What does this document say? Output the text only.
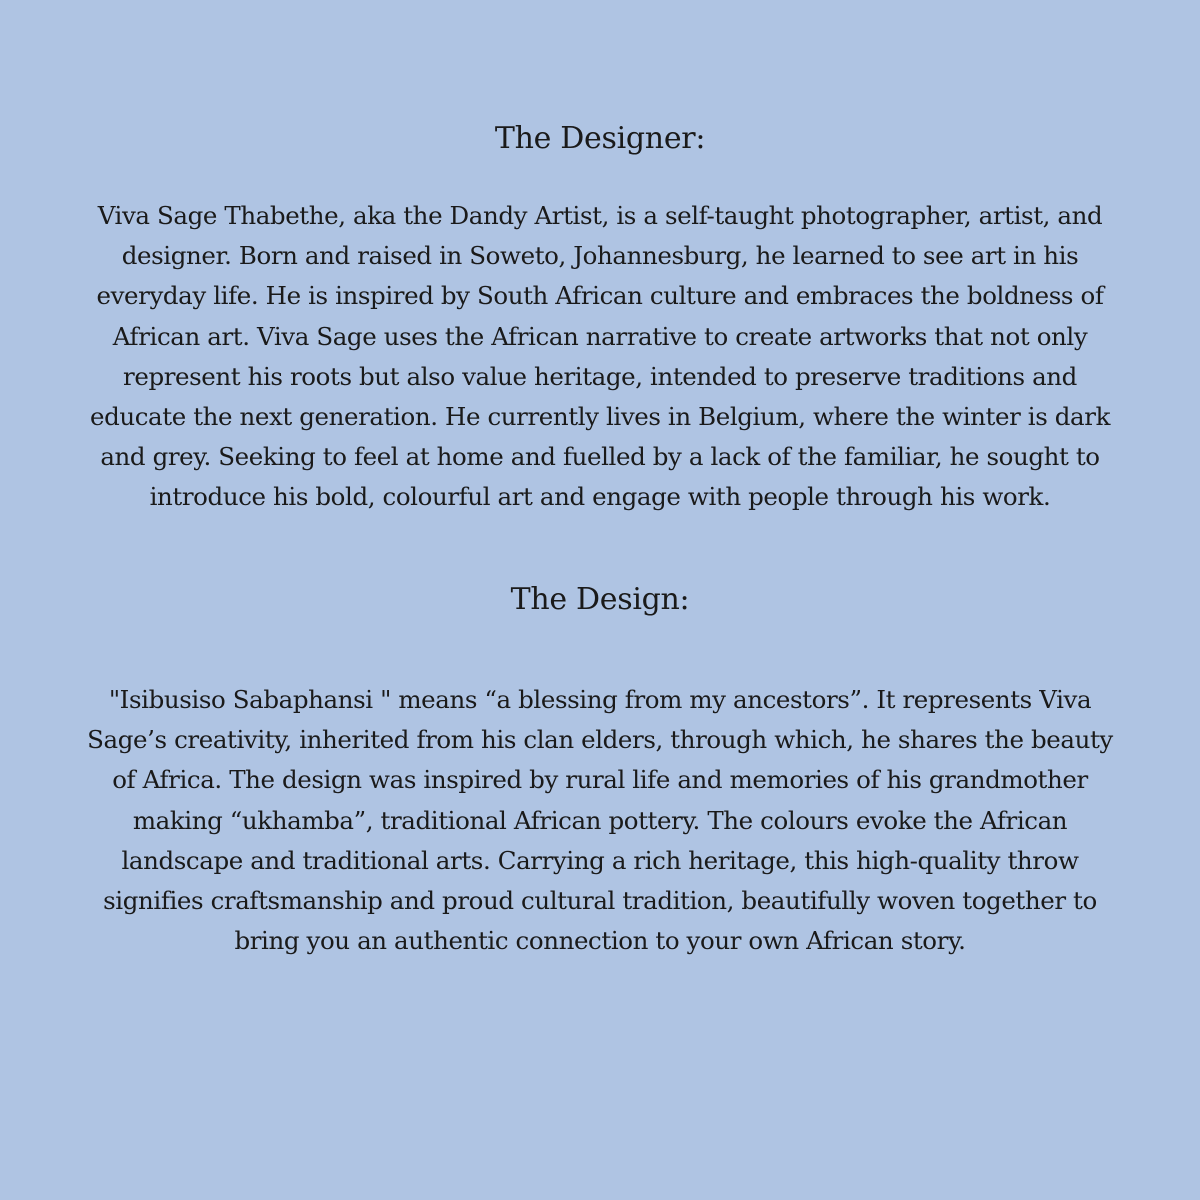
The Designer:

Viva Sage Thabethe, aka the Dandy Artist, is a self-taught photographer, artist, and designer. Born and raised in Soweto, Johannesburg, he learned to see art in his everyday life. He is inspired by South African culture and embraces the boldness of African art. Viva Sage uses the African narrative to create artworks that not only represent his roots but also value heritage, intended to preserve traditions and educate the next generation. He currently lives in Belgium, where the winter is dark and grey. Seeking to feel at home and fuelled by a lack of the familiar, he sought to introduce his bold, colourful art and engage with people through his work.

The Design:

"Isibusiso Sabaphansi " means “a blessing from my ancestors”. It represents Viva Sage’s creativity, inherited from his clan elders, through which, he shares the beauty of Africa. The design was inspired by rural life and memories of his grandmother making “ukhamba”, traditional African pottery. The colours evoke the African landscape and traditional arts. Carrying a rich heritage, this high-quality throw signifies craftsmanship and proud cultural tradition, beautifully woven together to bring you an authentic connection to your own African story.
